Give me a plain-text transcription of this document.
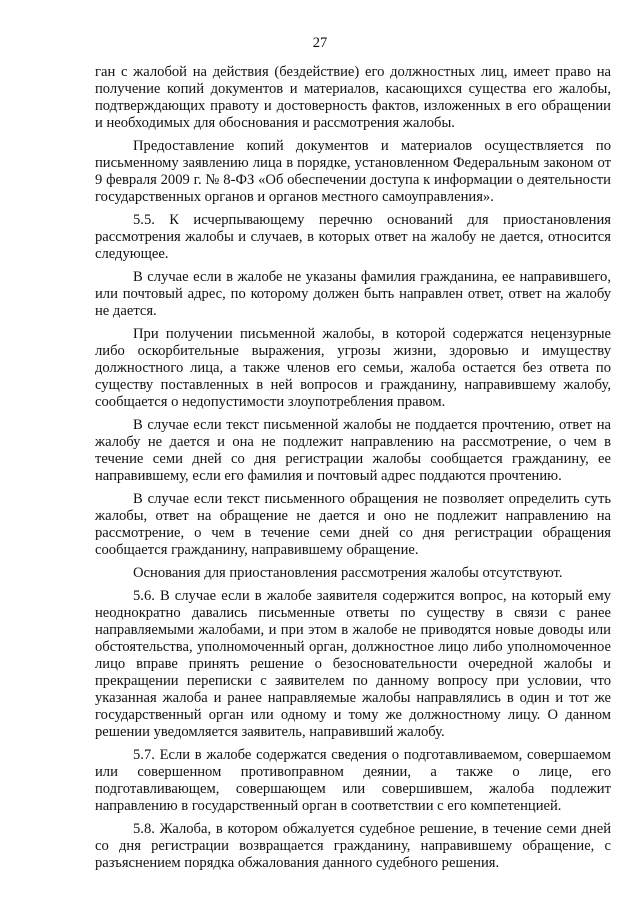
27

ган с жалобой на действия (бездействие) его должностных лиц, имеет право на получение копий документов и материалов, касающихся существа его жалобы, подтверждающих правоту и достоверность фактов, изложенных в его обращении и необходимых для обоснования и рассмотрения жалобы.

Предоставление копий документов и материалов осуществляется по письменному заявлению лица в порядке, установленном Федеральным законом от 9 февраля 2009 г. № 8-ФЗ «Об обеспечении доступа к информации о деятельности государственных органов и органов местного самоуправления».

5.5. К исчерпывающему перечню оснований для приостановления рассмотрения жалобы и случаев, в которых ответ на жалобу не дается, относится следующее.

В случае если в жалобе не указаны фамилия гражданина, ее направившего, или почтовый адрес, по которому должен быть направлен ответ, ответ на жалобу не дается.

При получении письменной жалобы, в которой содержатся нецензурные либо оскорбительные выражения, угрозы жизни, здоровью и имуществу должностного лица, а также членов его семьи, жалоба остается без ответа по существу поставленных в ней вопросов и гражданину, направившему жалобу, сообщается о недопустимости злоупотребления правом.

В случае если текст письменной жалобы не поддается прочтению, ответ на жалобу не дается и она не подлежит направлению на рассмотрение, о чем в течение семи дней со дня регистрации жалобы сообщается гражданину, ее направившему, если его фамилия и почтовый адрес поддаются прочтению.

В случае если текст письменного обращения не позволяет определить суть жалобы, ответ на обращение не дается и оно не подлежит направлению на рассмотрение, о чем в течение семи дней со дня регистрации обращения сообщается гражданину, направившему обращение.

Основания для приостановления рассмотрения жалобы отсутствуют.

5.6. В случае если в жалобе заявителя содержится вопрос, на который ему неоднократно давались письменные ответы по существу в связи с ранее направляемыми жалобами, и при этом в жалобе не приводятся новые доводы или обстоятельства, уполномоченный орган, должностное лицо либо уполномоченное лицо вправе принять решение о безосновательности очередной жалобы и прекращении переписки с заявителем по данному вопросу при условии, что указанная жалоба и ранее направляемые жалобы направлялись в один и тот же государственный орган или одному и тому же должностному лицу. О данном решении уведомляется заявитель, направивший жалобу.

5.7. Если в жалобе содержатся сведения о подготавливаемом, совершаемом или совершенном противоправном деянии, а также о лице, его подготавливающем, совершающем или совершившем, жалоба подлежит направлению в государственный орган в соответствии с его компетенцией.

5.8. Жалоба, в котором обжалуется судебное решение, в течение семи дней со дня регистрации возвращается гражданину, направившему обращение, с разъяснением порядка обжалования данного судебного решения.
